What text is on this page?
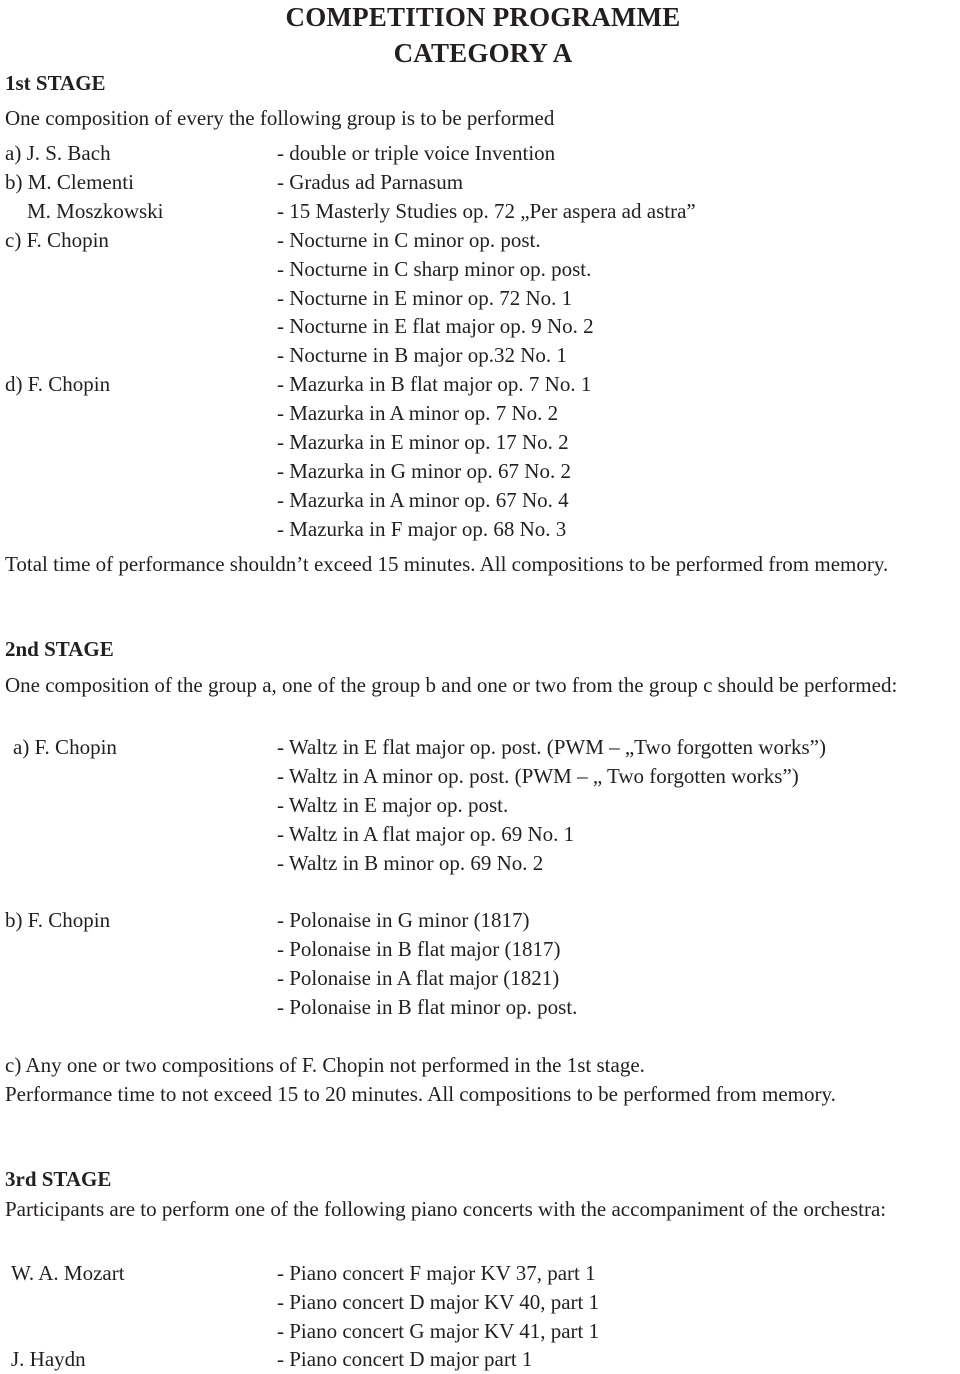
COMPETITION PROGRAMME
CATEGORY A
1st STAGE
One composition of every the following group is to be performed
a) J. S. Bach	- double or triple voice Invention
b) M. Clementi	- Gradus ad Parnasum
M. Moszkowski	- 15 Masterly Studies op. 72 „Per aspera ad astra”
c) F. Chopin	- Nocturne in C minor op. post.
- Nocturne in C sharp minor op. post.
- Nocturne in E minor op. 72 No. 1
- Nocturne in E flat major op. 9 No. 2
- Nocturne in B major op.32 No. 1
d) F. Chopin	- Mazurka in B flat major op. 7 No. 1
- Mazurka in A minor op. 7 No. 2
- Mazurka in E minor op. 17 No. 2
- Mazurka in G minor op. 67 No. 2
- Mazurka in A minor op. 67 No. 4
- Mazurka in F major op. 68 No. 3
Total time of performance shouldn’t exceed 15 minutes. All compositions to be performed from memory.
2nd STAGE
One composition of the group a, one of the group b and one or two from the group c should be performed:
a) F. Chopin	- Waltz in E flat major op. post. (PWM – „Two forgotten works”)
- Waltz in A minor op. post. (PWM – „ Two forgotten works”)
- Waltz in E major op. post.
- Waltz in A flat major op. 69 No. 1
- Waltz in B minor op. 69 No. 2
b) F. Chopin	- Polonaise in G minor (1817)
- Polonaise in B flat major (1817)
- Polonaise in A flat major (1821)
- Polonaise in B flat minor op. post.
c) Any one or two compositions of F. Chopin not performed in the 1st stage.
Performance time to not exceed 15 to 20 minutes. All compositions to be performed from memory.
3rd STAGE
Participants are to perform one of the following piano concerts with the accompaniment of the orchestra:
W. A. Mozart	- Piano concert F major KV 37, part 1
- Piano concert D major KV 40, part 1
- Piano concert G major KV 41, part 1
J. Haydn	- Piano concert D major part 1
